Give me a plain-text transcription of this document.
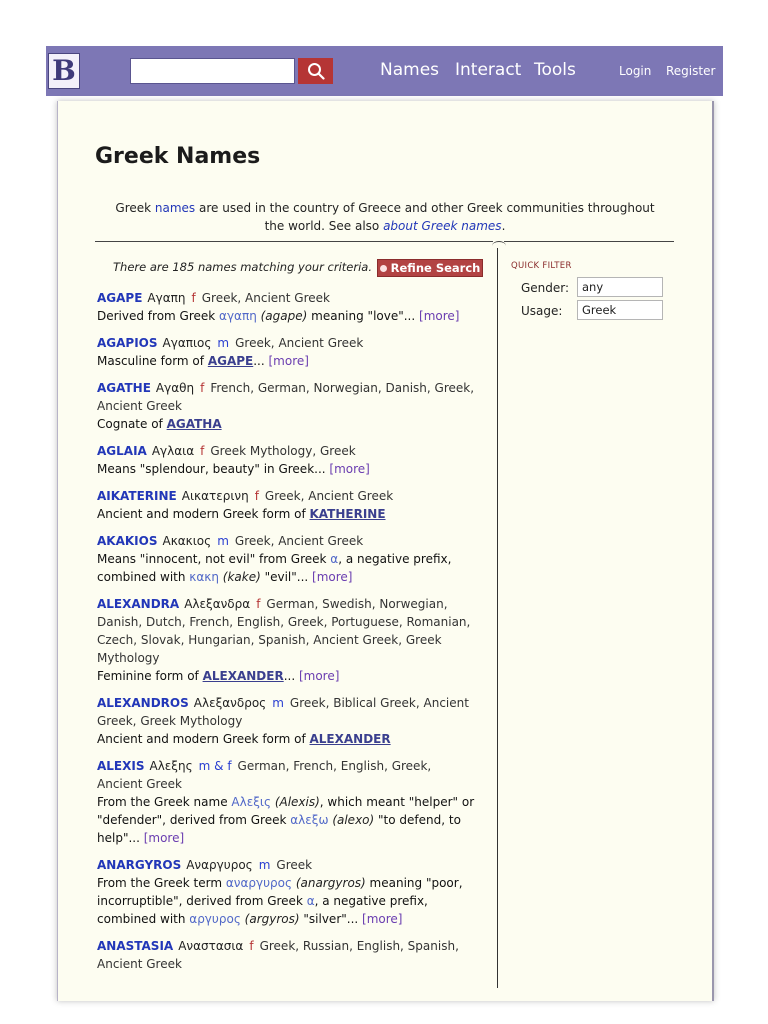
B	Names Interact Tools	Login Register
Greek Names
Greek names are used in the country of Greece and other Greek communities throughout the world. See also about Greek names.
There are 185 names matching your criteria. Refine Search	QUICK FILTER
Gender:	any
Usage:	Greek
AGAPE Αγαπη f Greek, Ancient Greek
Derived from Greek αγαπη (agape) meaning "love"... [more]
AGAPIOS Αγαπιος m Greek, Ancient Greek
Masculine form of AGAPE... [more]
AGATHE Αγαθη f French, German, Norwegian, Danish, Greek, Ancient Greek
Cognate of AGATHA
AGLAIA Αγλαια f Greek Mythology, Greek
Means "splendour, beauty" in Greek... [more]
AIKATERINE Αικατερινη f Greek, Ancient Greek
Ancient and modern Greek form of KATHERINE
AKAKIOS Ακακιος m Greek, Ancient Greek
Means "innocent, not evil" from Greek α, a negative prefix, combined with κακη (kake) "evil"... [more]
ALEXANDRA Αλεξανδρα f German, Swedish, Norwegian, Danish, Dutch, French, English, Greek, Portuguese, Romanian, Czech, Slovak, Hungarian, Spanish, Ancient Greek, Greek Mythology
Feminine form of ALEXANDER... [more]
ALEXANDROS Αλεξανδρος m Greek, Biblical Greek, Ancient Greek, Greek Mythology
Ancient and modern Greek form of ALEXANDER
ALEXIS Αλεξης m & f German, French, English, Greek, Ancient Greek
From the Greek name Αλεξις (Alexis), which meant "helper" or "defender", derived from Greek αλεξω (alexo) "to defend, to help"... [more]
ANARGYROS Αναργυρος m Greek
From the Greek term αναργυρος (anargyros) meaning "poor, incorruptible", derived from Greek α, a negative prefix, combined with αργυρος (argyros) "silver"... [more]
ANASTASIA Αναστασια f Greek, Russian, English, Spanish, Ancient Greek
